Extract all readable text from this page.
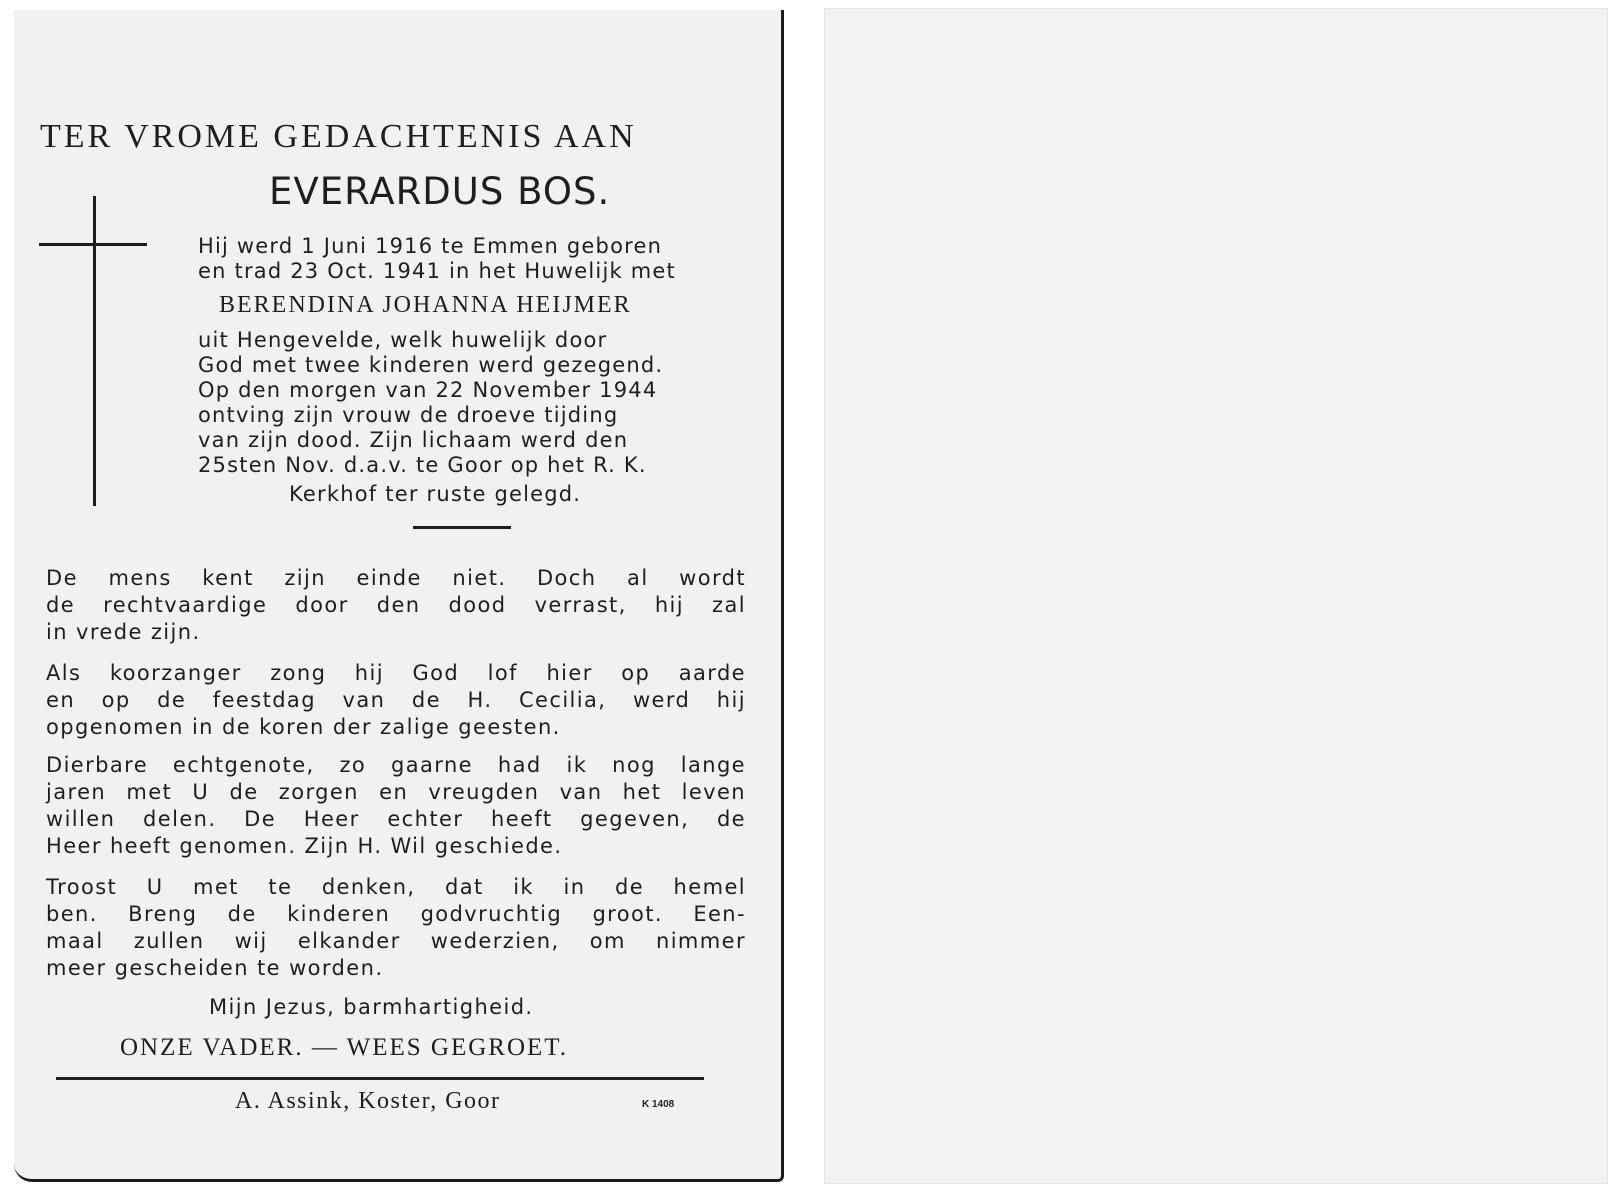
TER VROME GEDACHTENIS AAN
EVERARDUS BOS.
Hij werd 1 Juni 1916 te Emmen geboren
en trad 23 Oct. 1941 in het Huwelijk met
BERENDINA JOHANNA HEIJMER
uit Hengevelde, welk huwelijk door
God met twee kinderen werd gezegend.
Op den morgen van 22 November 1944
ontving zijn vrouw de droeve tijding
van zijn dood. Zijn lichaam werd den
25sten Nov. d.a.v. te Goor op het R. K.
Kerkhof ter ruste gelegd.
De mens kent zijn einde niet. Doch al wordt
de rechtvaardige door den dood verrast, hij zal
in vrede zijn.
Als koorzanger zong hij God lof hier op aarde
en op de feestdag van de H. Cecilia, werd hij
opgenomen in de koren der zalige geesten.
Dierbare echtgenote, zo gaarne had ik nog lange
jaren met U de zorgen en vreugden van het leven
willen delen. De Heer echter heeft gegeven, de
Heer heeft genomen. Zijn H. Wil geschiede.
Troost U met te denken, dat ik in de hemel
ben. Breng de kinderen godvruchtig groot. Een-
maal zullen wij elkander wederzien, om nimmer
meer gescheiden te worden.
Mijn Jezus, barmhartigheid.
ONZE VADER. — WEES GEGROET.
A. Assink, Koster, Goor	K 1408
